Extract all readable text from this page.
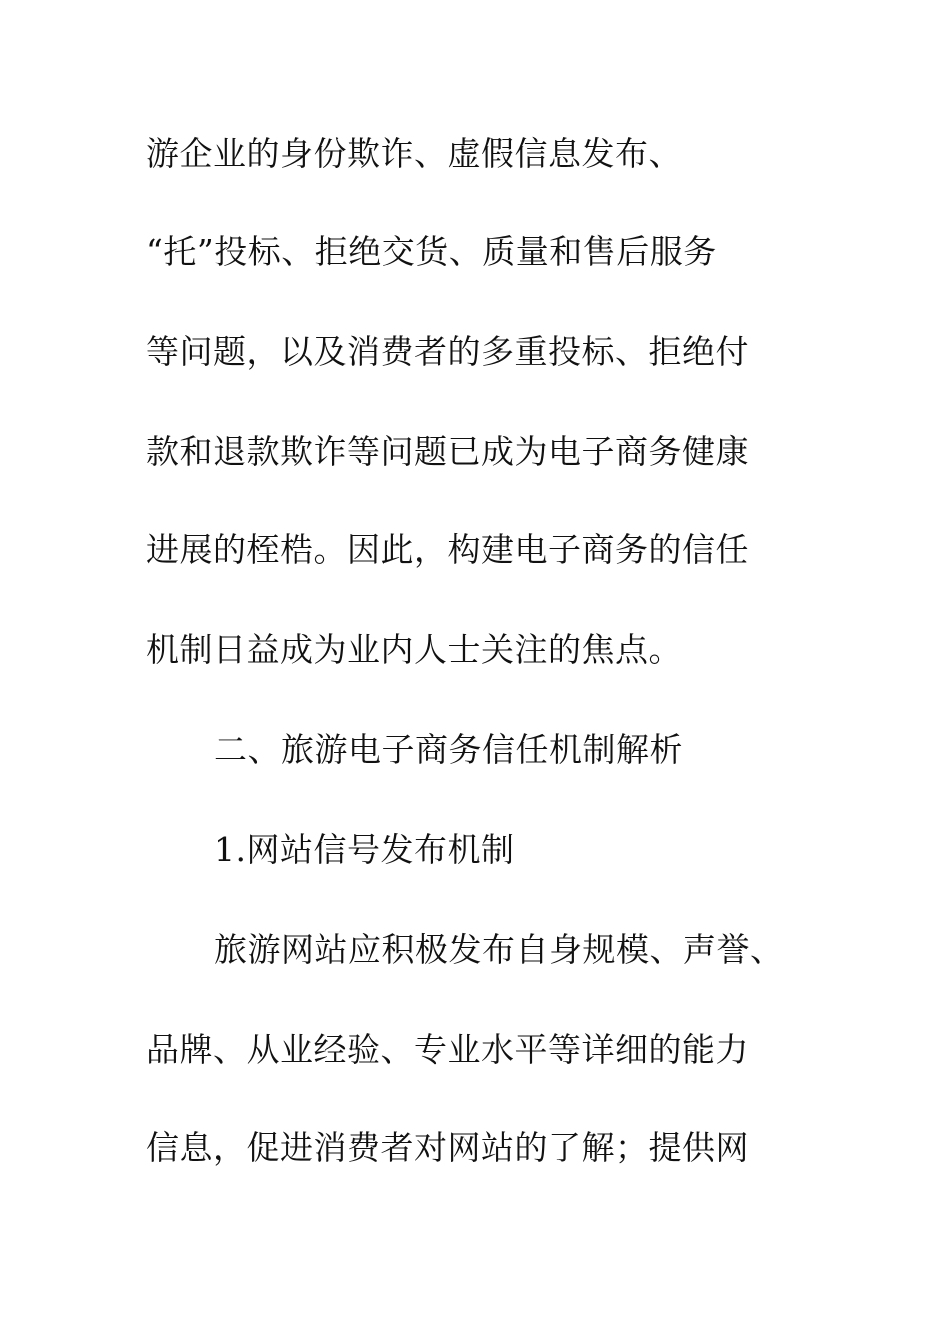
游企业的身份欺诈、虚假信息发布、

“托”投标、拒绝交货、质量和售后服务

等问题，以及消费者的多重投标、拒绝付

款和退款欺诈等问题已成为电子商务健康

进展的桎梏。因此，构建电子商务的信任

机制日益成为业内人士关注的焦点。

二、旅游电子商务信任机制解析

1.网站信号发布机制

旅游网站应积极发布自身规模、声誉、

品牌、从业经验、专业水平等详细的能力

信息，促进消费者对网站的了解；提供网
